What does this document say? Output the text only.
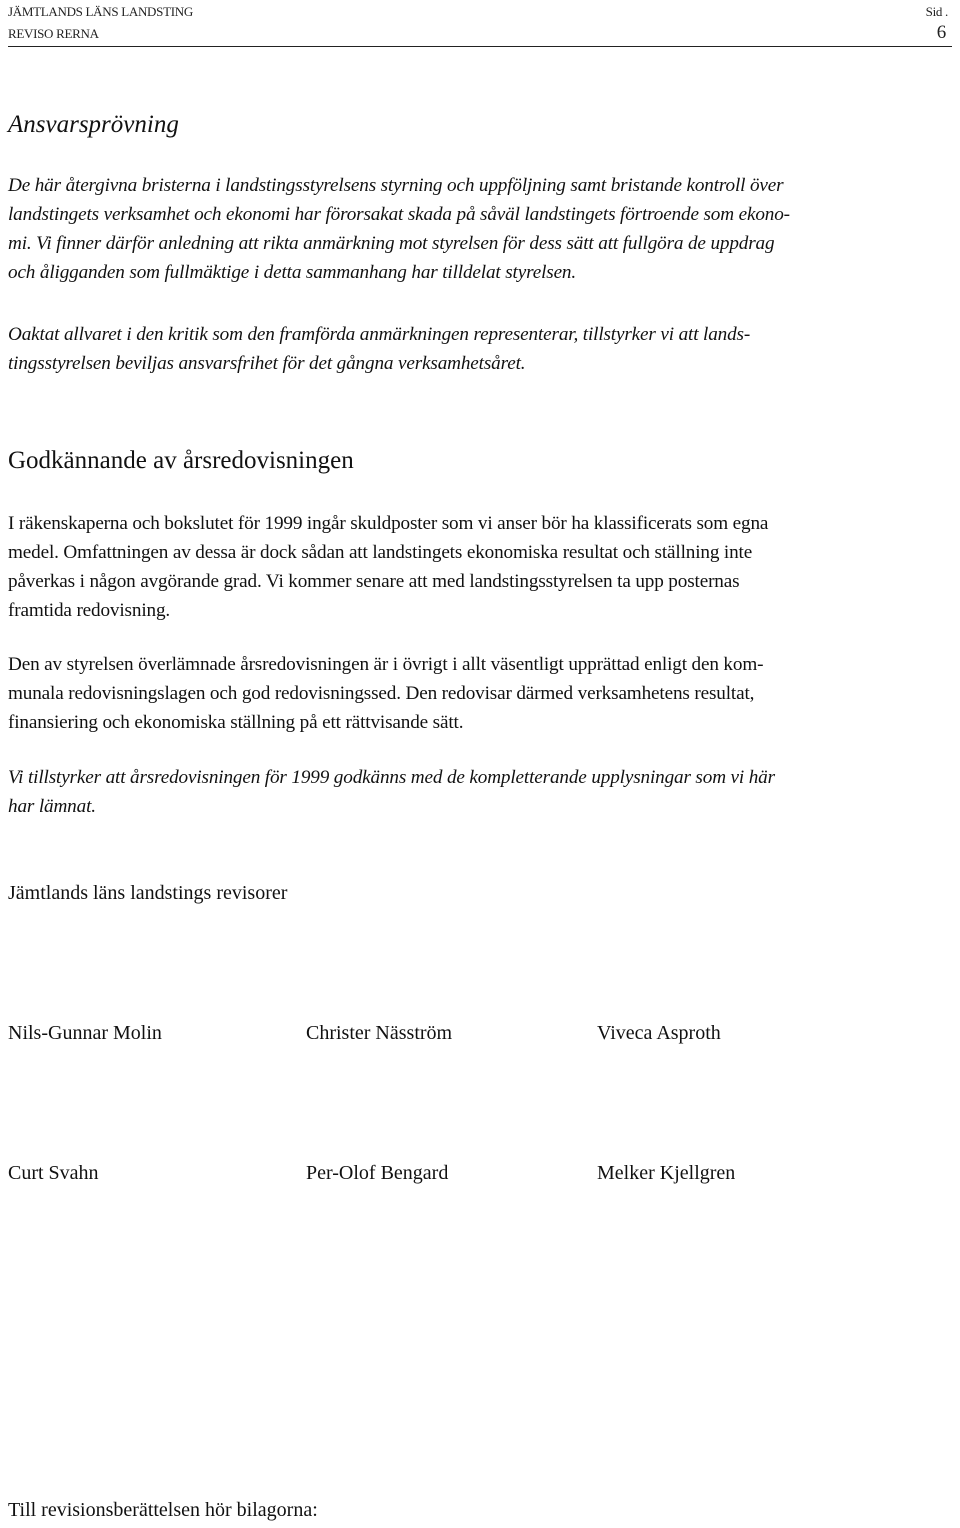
JÄMTLANDS LÄNS LANDSTING	Sid .
REVISO RERNA	6
Ansvarsprövning
De här återgivna bristerna i landstingsstyrelsens styrning och uppföljning samt bristande kontroll över
landstingets verksamhet och ekonomi har förorsakat skada på såväl landstingets förtroende som ekono-
mi. Vi finner därför anledning att rikta anmärkning mot styrelsen för dess sätt att fullgöra de uppdrag
och åligganden som fullmäktige i detta sammanhang har tilldelat styrelsen.
Oaktat allvaret i den kritik som den framförda anmärkningen representerar, tillstyrker vi att lands-
tingsstyrelsen beviljas ansvarsfrihet för det gångna verksamhetsåret.
Godkännande av årsredovisningen
I räkenskaperna och bokslutet för 1999 ingår skuldposter som vi anser bör ha klassificerats som egna
medel. Omfattningen av dessa är dock sådan att landstingets ekonomiska resultat och ställning inte
påverkas i någon avgörande grad. Vi kommer senare att med landstingsstyrelsen ta upp posternas
framtida redovisning.
Den av styrelsen överlämnade årsredovisningen är i övrigt i allt väsentligt upprättad enligt den kom-
munala redovisningslagen och god redovisningssed. Den redovisar därmed verksamhetens resultat,
finansiering och ekonomiska ställning på ett rättvisande sätt.
Vi tillstyrker att årsredovisningen för 1999 godkänns med de kompletterande upplysningar som vi här
har lämnat.

Jämtlands läns landstings revisorer

Nils-Gunnar Molin	Christer Näsström	Viveca Asproth

Curt Svahn	Per-Olof Bengard	Melker Kjellgren

Till revisionsberättelsen hör bilagorna:
